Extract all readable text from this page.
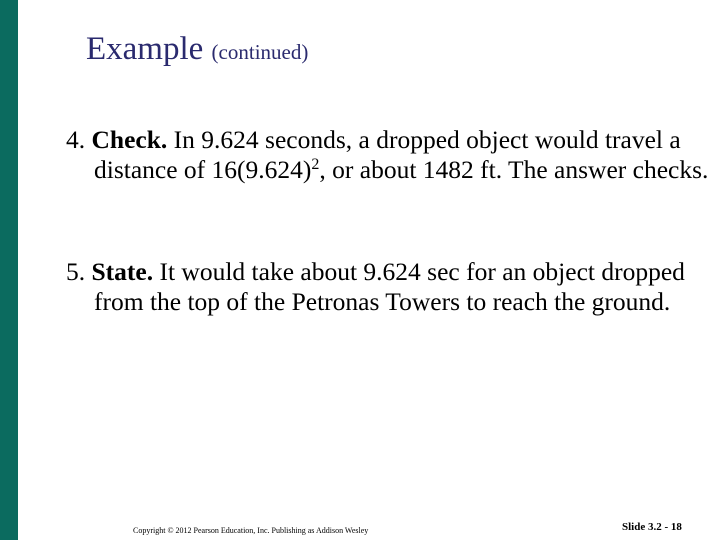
Example (continued)
4. Check. In 9.624 seconds, a dropped object would travel a distance of $16(9.624)^2$, or about 1482 ft. The answer checks.
5. State. It would take about 9.624 sec for an object dropped from the top of the Petronas Towers to reach the ground.
Copyright © 2012 Pearson Education, Inc. Publishing as Addison Wesley	Slide 3.2 - 18
